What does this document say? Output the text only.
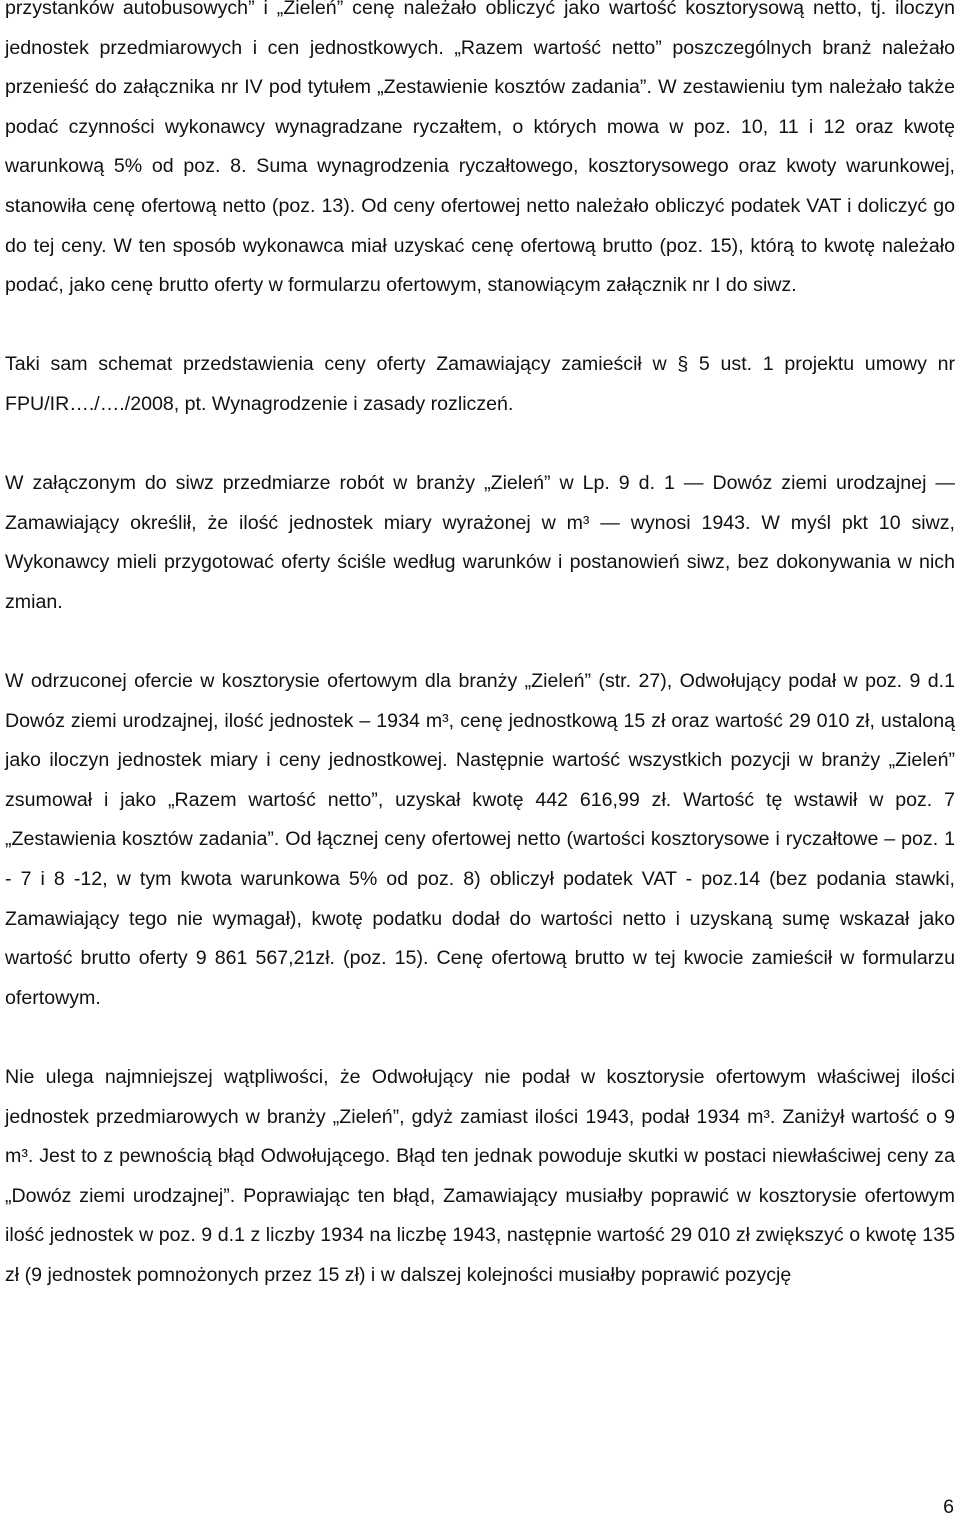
przystanków autobusowych” i „Zieleń” cenę należało obliczyć jako wartość kosztorysową netto, tj. iloczyn jednostek przedmiarowych i cen jednostkowych. „Razem wartość netto” poszczególnych branż należało przenieść do załącznika nr IV pod tytułem „Zestawienie kosztów zadania”. W zestawieniu tym należało także podać czynności wykonawcy wynagradzane ryczałtem, o których mowa w poz. 10, 11 i 12 oraz kwotę warunkową 5% od poz. 8. Suma wynagrodzenia ryczałtowego, kosztorysowego oraz kwoty warunkowej, stanowiła cenę ofertową netto (poz. 13). Od ceny ofertowej netto należało obliczyć podatek VAT i doliczyć go do tej ceny. W ten sposób wykonawca miał uzyskać cenę ofertową brutto (poz. 15), którą to kwotę należało podać, jako cenę brutto oferty w formularzu ofertowym, stanowiącym załącznik nr I do siwz.

Taki sam schemat przedstawienia ceny oferty Zamawiający zamieścił w § 5 ust. 1 projektu umowy nr FPU/IR…./…./2008, pt. Wynagrodzenie i zasady rozliczeń.

W załączonym do siwz przedmiarze robót w branży „Zieleń” w Lp. 9 d. 1 — Dowóz ziemi urodzajnej — Zamawiający określił, że ilość jednostek miary wyrażonej w m³ — wynosi 1943. W myśl pkt 10 siwz, Wykonawcy mieli przygotować oferty ściśle według warunków i postanowień siwz, bez dokonywania w nich zmian.

W odrzuconej ofercie w kosztorysie ofertowym dla branży „Zieleń” (str. 27), Odwołujący podał w poz. 9 d.1 Dowóz ziemi urodzajnej, ilość jednostek – 1934 m³, cenę jednostkową 15 zł oraz wartość 29 010 zł, ustaloną jako iloczyn jednostek miary i ceny jednostkowej. Następnie wartość wszystkich pozycji w branży „Zieleń” zsumował i jako „Razem wartość netto”, uzyskał kwotę 442 616,99 zł. Wartość tę wstawił w poz. 7 „Zestawienia kosztów zadania”. Od łącznej ceny ofertowej netto (wartości kosztorysowe i ryczałtowe – poz. 1 - 7 i 8 -12, w tym kwota warunkowa 5% od poz. 8) obliczył podatek VAT - poz.14 (bez podania stawki, Zamawiający tego nie wymagał), kwotę podatku dodał do wartości netto i uzyskaną sumę wskazał jako wartość brutto oferty 9 861 567,21zł. (poz. 15). Cenę ofertową brutto w tej kwocie zamieścił w formularzu ofertowym.

Nie ulega najmniejszej wątpliwości, że Odwołujący nie podał w kosztorysie ofertowym właściwej ilości jednostek przedmiarowych w branży „Zieleń”, gdyż zamiast ilości 1943, podał 1934 m³. Zaniżył wartość o 9 m³. Jest to z pewnością błąd Odwołującego. Błąd ten jednak powoduje skutki w postaci niewłaściwej ceny za „Dowóz ziemi urodzajnej”. Poprawiając ten błąd, Zamawiający musiałby poprawić w kosztorysie ofertowym ilość jednostek w poz. 9 d.1 z liczby 1934 na liczbę 1943, następnie wartość 29 010 zł zwiększyć o kwotę 135 zł (9 jednostek pomnożonych przez 15 zł) i w dalszej kolejności musiałby poprawić pozycję

6
